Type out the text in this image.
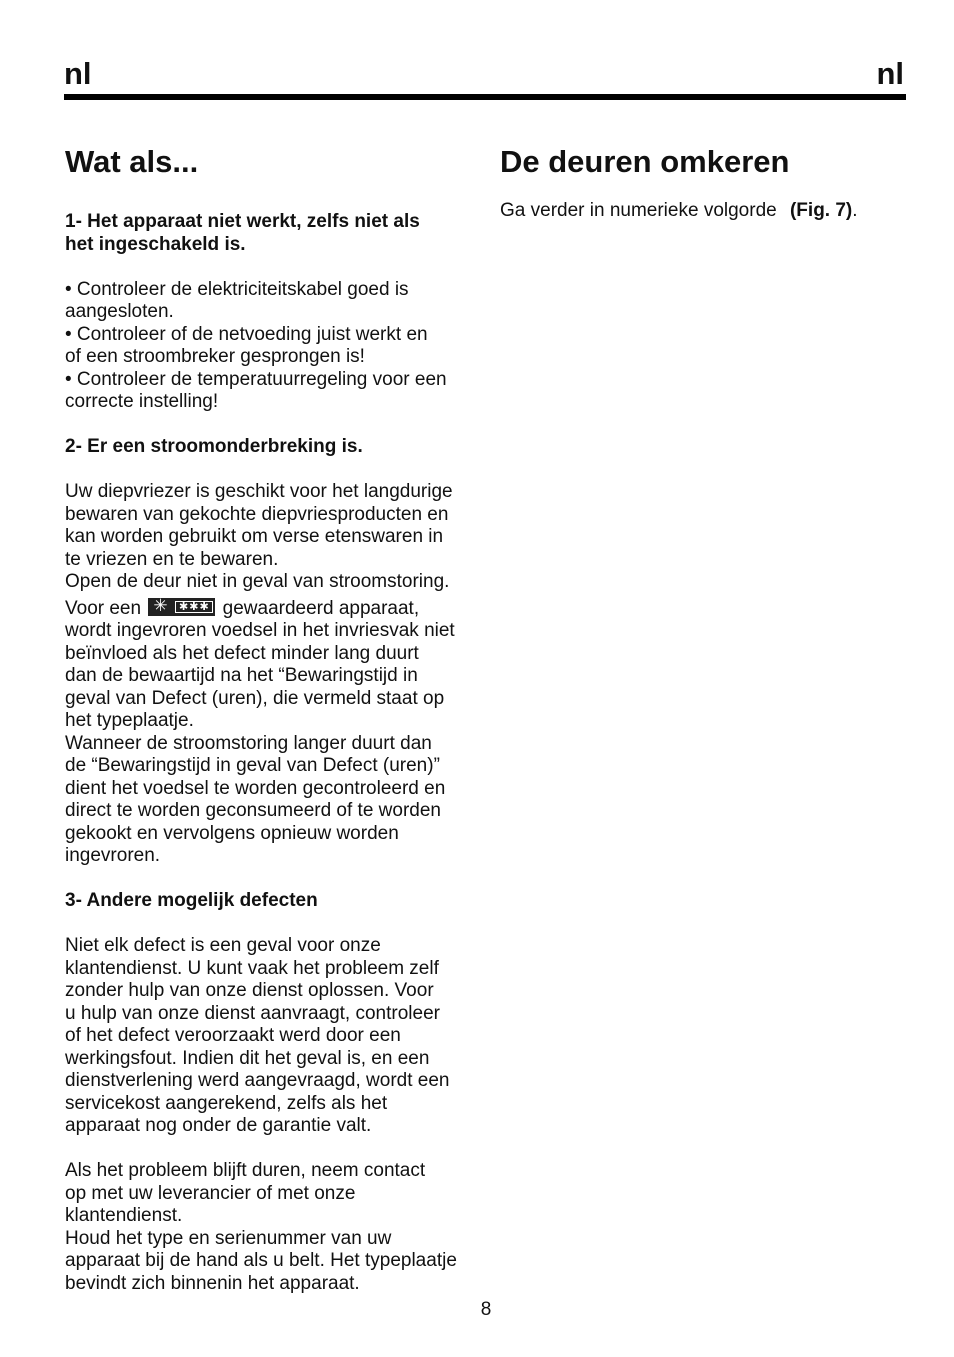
nl	nl
Wat als...
1- Het apparaat niet werkt, zelfs niet als
het ingeschakeld is.
• Controleer de elektriciteitskabel goed is
aangesloten.
• Controleer of de netvoeding juist werkt en
of een stroombreker gesprongen is!
• Controleer de temperatuurregeling voor een
correcte instelling!
2- Er een stroomonderbreking is.
Uw diepvriezer is geschikt voor het langdurige
bewaren van gekochte diepvriesproducten en
kan worden gebruikt om verse etenswaren in
te vriezen en te bewaren.
Open de deur niet in geval van stroomstoring.
Voor een ✳	✱✱✱ gewaardeerd apparaat,
wordt ingevroren voedsel in het invriesvak niet
beïnvloed als het defect minder lang duurt
dan de bewaartijd na het “Bewaringstijd in
geval van Defect (uren), die vermeld staat op
het typeplaatje.
Wanneer de stroomstoring langer duurt dan
de “Bewaringstijd in geval van Defect (uren)”
dient het voedsel te worden gecontroleerd en
direct te worden geconsumeerd of te worden
gekookt en vervolgens opnieuw worden
ingevroren.
3- Andere mogelijk defecten
Niet elk defect is een geval voor onze
klantendienst. U kunt vaak het probleem zelf
zonder hulp van onze dienst oplossen. Voor
u hulp van onze dienst aanvraagt, controleer
of het defect veroorzaakt werd door een
werkingsfout. Indien dit het geval is, en een
dienstverlening werd aangevraagd, wordt een
servicekost aangerekend, zelfs als het
apparaat nog onder de garantie valt.
Als het probleem blijft duren, neem contact
op met uw leverancier of met onze
klantendienst.
Houd het type en serienummer van uw
apparaat bij de hand als u belt. Het typeplaatje
bevindt zich binnenin het apparaat.
De deuren omkeren
Ga verder in numerieke volgorde (Fig. 7).
8
